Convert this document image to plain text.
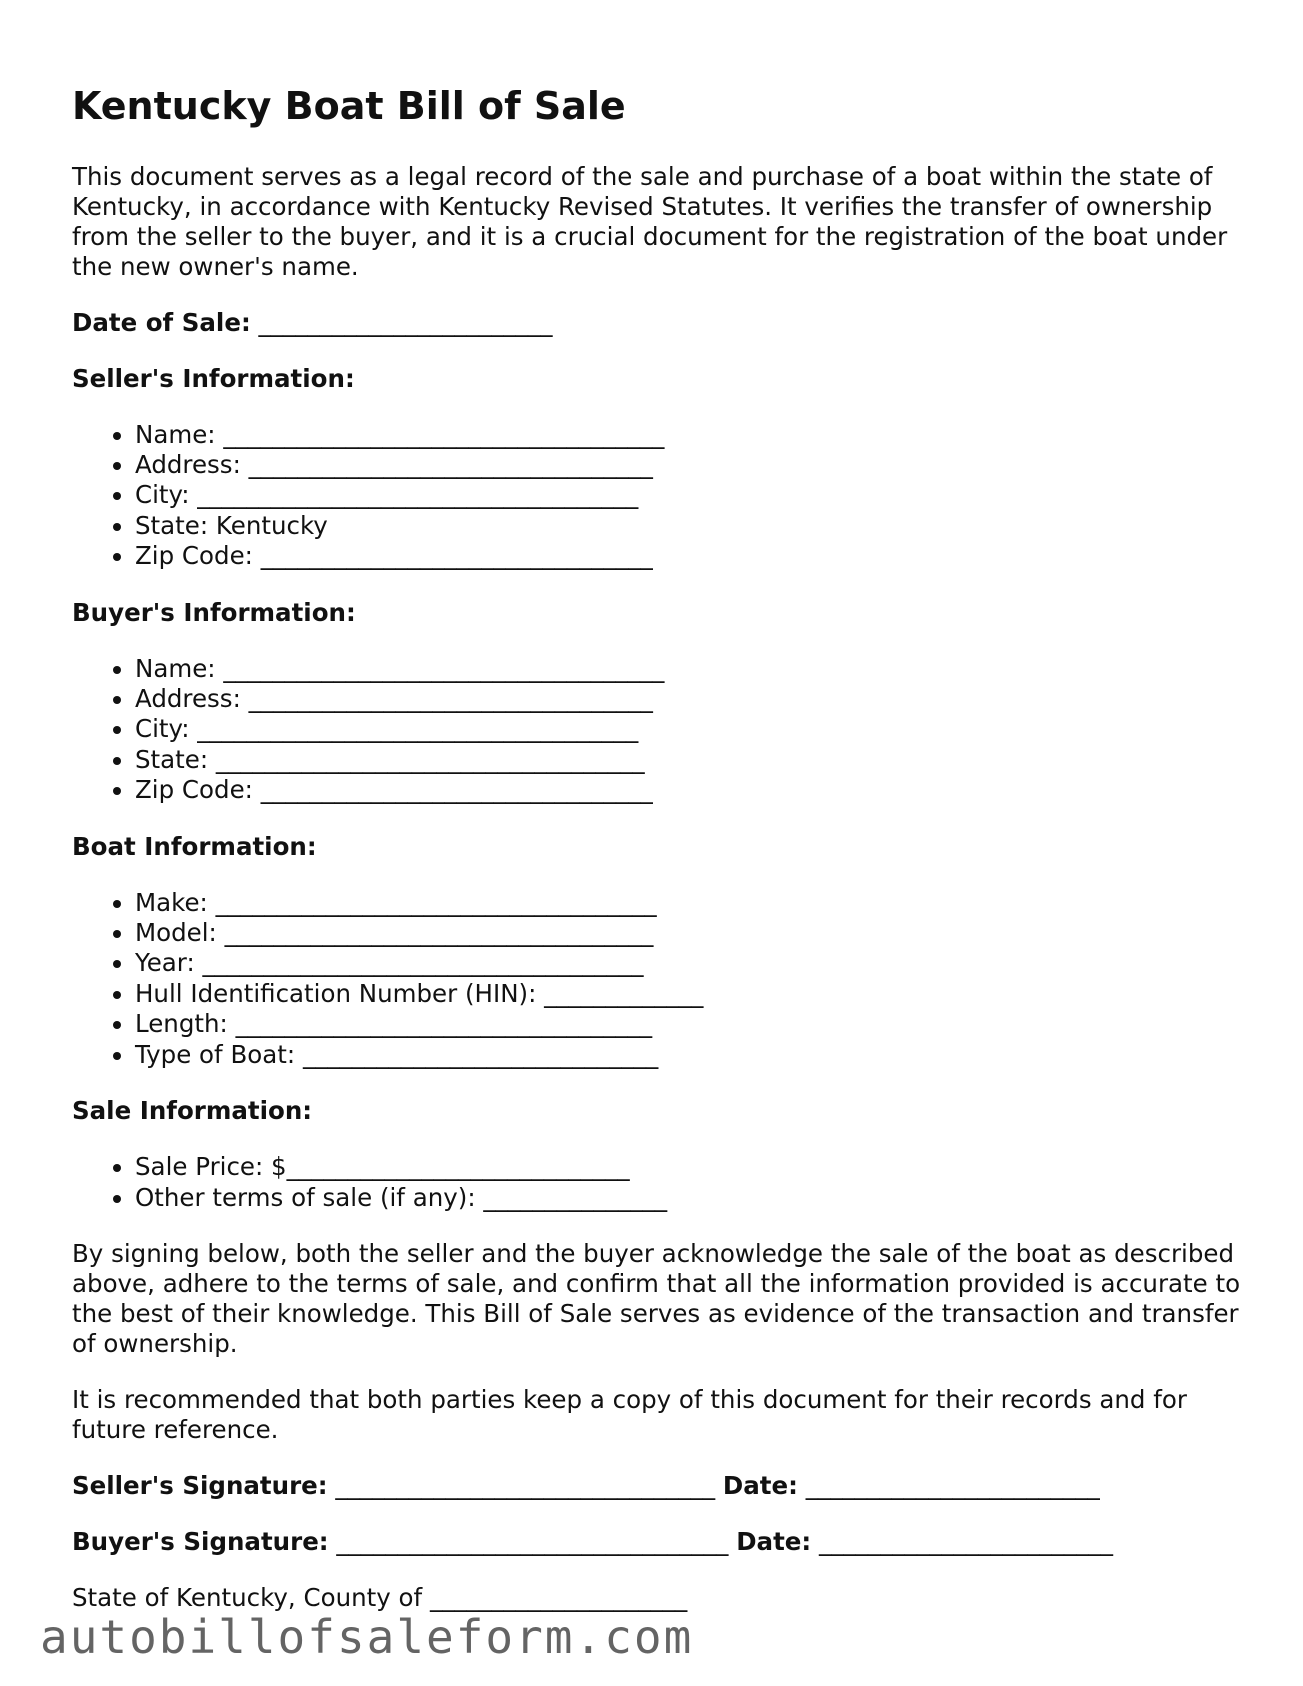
Kentucky Boat Bill of Sale

This document serves as a legal record of the sale and purchase of a boat within the state of Kentucky, in accordance with Kentucky Revised Statutes. It verifies the transfer of ownership from the seller to the buyer, and it is a crucial document for the registration of the boat under the new owner's name.

Date of Sale: ________________________
Seller's Information:
• Name: ____________________________________
• Address: _________________________________
• City: ____________________________________
• State: Kentucky
• Zip Code: ________________________________
Buyer's Information:
• Name: ____________________________________
• Address: _________________________________
• City: ____________________________________
• State: ___________________________________
• Zip Code: ________________________________
Boat Information:
• Make: ____________________________________
• Model: ___________________________________
• Year: ____________________________________
• Hull Identification Number (HIN): _____________
• Length: __________________________________
• Type of Boat: _____________________________
Sale Information:
• Sale Price: $____________________________
• Other terms of sale (if any): _______________

By signing below, both the seller and the buyer acknowledge the sale of the boat as described above, adhere to the terms of sale, and confirm that all the information provided is accurate to the best of their knowledge. This Bill of Sale serves as evidence of the transaction and transfer of ownership.

It is recommended that both parties keep a copy of this document for their records and for future reference.

Seller's Signature: _______________________________ Date: ________________________
Buyer's Signature: ________________________________ Date: ________________________
State of Kentucky, County of _____________________
autobillofsaleform.com
